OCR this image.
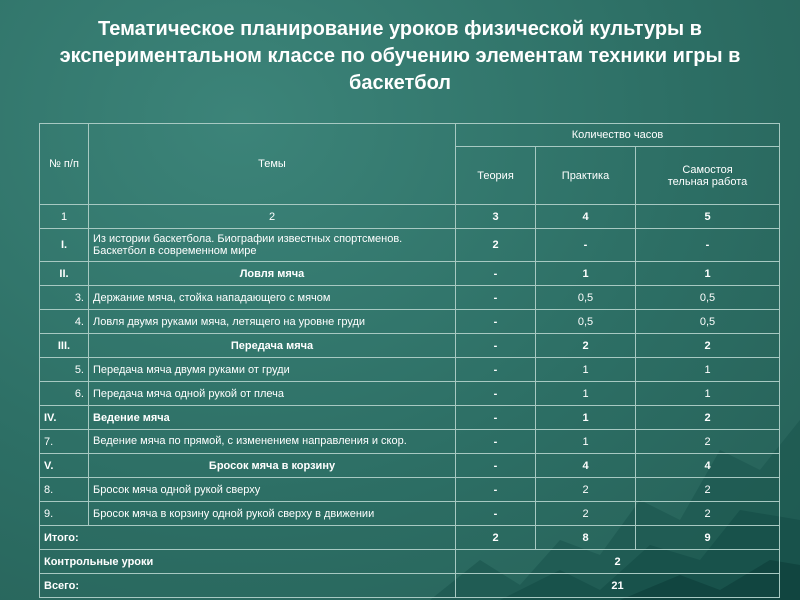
Тематическое планирование уроков физической культуры в экспериментальном классе по обучению элементам техники игры в баскетбол
№ п/п	Темы	Количество часов		
		Теория	Практика	Самостоя тельная работа
1	2	3	4	5
I.	Из истории баскетбола. Биографии известных спортсменов. Баскетбол в современном мире	2	-	-
II.	Ловля мяча	-	1	1
3.	Держание мяча, стойка нападающего с мячом	-	0,5	0,5
4.	Ловля двумя руками мяча, летящего на уровне груди	-	0,5	0,5
III.	Передача мяча	-	2	2
5.	Передача мяча двумя руками от груди	-	1	1
6.	Передача мяча одной рукой от плеча	-	1	1
IV.	Ведение мяча	-	1	2
7.	Ведение мяча по прямой, с изменением направления и скор.	-	1	2
V.	Бросок мяча в корзину	-	4	4
8.	Бросок мяча одной рукой сверху	-	2	2
9.	Бросок мяча в корзину одной рукой сверху в движении	-	2	2
Итого:		2	8	9
Контрольные уроки		2		
Всего:		21		
